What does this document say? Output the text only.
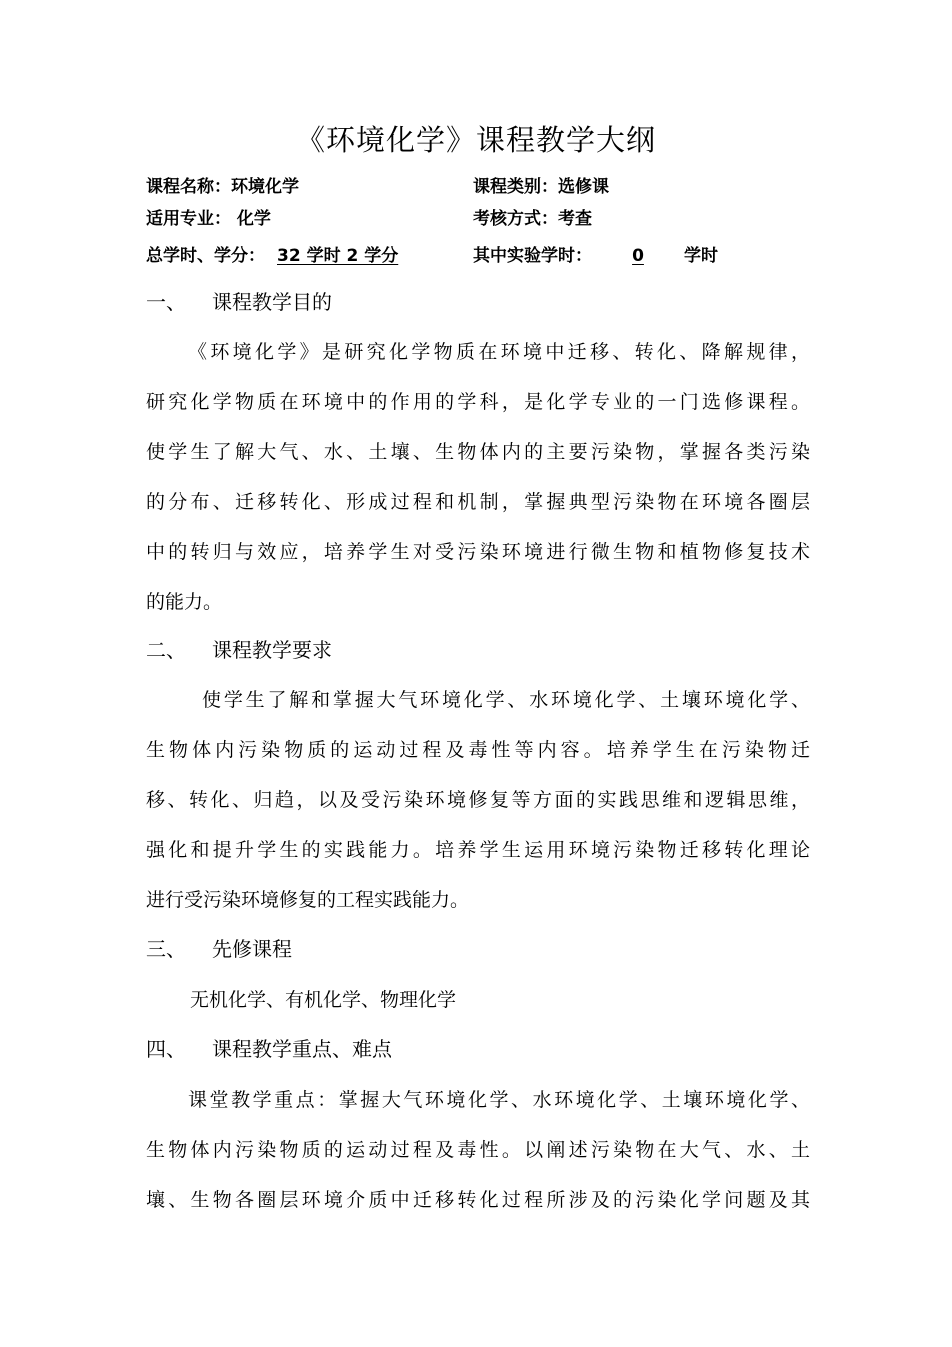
《环境化学》课程教学大纲
课程名称：环境化学	课程类别：选修课
适用专业： 化学	考核方式：考查
总学时、学分： 32 学时 2 学分	其中实验学时： 0 学时
一、 课程教学目的
《环境化学》是研究化学物质在环境中迁移、转化、降解规律，
研究化学物质在环境中的作用的学科，是化学专业的一门选修课程。
使学生了解大气、水、土壤、生物体内的主要污染物，掌握各类污染
的分布、迁移转化、形成过程和机制，掌握典型污染物在环境各圈层
中的转归与效应，培养学生对受污染环境进行微生物和植物修复技术
的能力。
二、 课程教学要求
使学生了解和掌握大气环境化学、水环境化学、土壤环境化学、
生物体内污染物质的运动过程及毒性等内容。培养学生在污染物迁
移、转化、归趋，以及受污染环境修复等方面的实践思维和逻辑思维，
强化和提升学生的实践能力。培养学生运用环境污染物迁移转化理论
进行受污染环境修复的工程实践能力。
三、 先修课程
无机化学、有机化学、物理化学
四、 课程教学重点、难点
课堂教学重点：掌握大气环境化学、水环境化学、土壤环境化学、
生物体内污染物质的运动过程及毒性。以阐述污染物在大气、水、土
壤、生物各圈层环境介质中迁移转化过程所涉及的污染化学问题及其
